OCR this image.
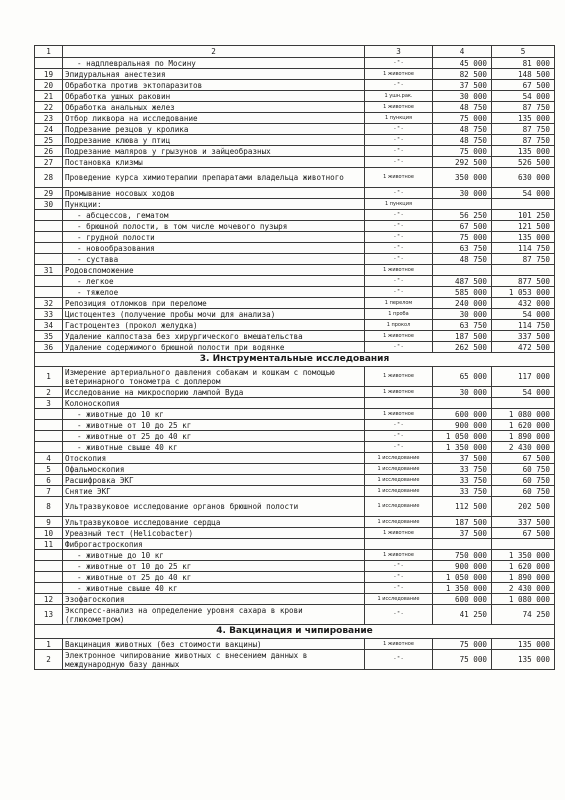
1	2	3	4	5
	- надплевральная по Мосину	- " -	45 000	81 000
19	Эпидуральная анестезия	1 животное	82 500	148 500
20	Обработка против эктопаразитов	- " -	37 500	67 500
21	Обработка ушных раковин	1 ушн.рак.	30 000	54 000
22	Обработка анальных желез	1 животное	48 750	87 750
23	Отбор ликвора на исследование	1 пункция	75 000	135 000
24	Подрезание резцов у кролика	- " -	48 750	87 750
25	Подрезание клюва у птиц	- " -	48 750	87 750
26	Подрезание маляров у грызунов и зайцеобразных	- " -	75 000	135 000
27	Постановка клизмы	- " -	292 500	526 500
28	Проведение курса химиотерапии препаратами владельца животного	1 животное	350 000	630 000
29	Промывание носовых ходов	- " -	30 000	54 000
30	Пункции:	1 пункция		
	- абсцессов, гематом	- " -	56 250	101 250
	- брюшной полости, в том числе мочевого пузыря	- " -	67 500	121 500
	- грудной полости	- " -	75 000	135 000
	- новообразования	- " -	63 750	114 750
	- сустава	- " -	48 750	87 750
31	Родовспоможение	1 животное		
	- легкое	- " -	487 500	877 500
	- тяжелое	- " -	585 000	1 053 000
32	Репозиция отломков при переломе	1 перелом	240 000	432 000
33	Цистоцентез (получение пробы мочи для анализа)	1 проба	30 000	54 000
34	Гастроцентез (прокол желудка)	1 прокол	63 750	114 750
35	Удаление калпостаза без хирургического вмешательства	1 животное	187 500	337 500
36	Удаление содержимого брюшной полости при водянке	- " -	262 500	472 500
3. Инструментальные исследования				
1	Измерение артериального давления собакам и кошкам с помощью ветеринарного тонометра с доплером	1 животное	65 000	117 000
2	Исследование на микроспорию лампой Вуда	1 животное	30 000	54 000
3	Колоноскопия			
	- животные до 10 кг	1 животное	600 000	1 080 000
	- животные от 10 до 25 кг	- " -	900 000	1 620 000
	- животные от 25 до 40 кг	- " -	1 050 000	1 890 000
	- животные свыше 40 кг	- " -	1 350 000	2 430 000
4	Отоскопия	1 исследование	37 500	67 500
5	Офальмоскопия	1 исследование	33 750	60 750
6	Расшифровка ЭКГ	1 исследование	33 750	60 750
7	Снятие ЭКГ	1 исследование	33 750	60 750
8	Ультразвуковое исследование органов брюшной полости	1 исследование	112 500	202 500
9	Ультразвуковое исследование сердца	1 исследование	187 500	337 500
10	Уреазный тест (Helicobacter)	1 животное	37 500	67 500
11	Фиброгастроскопия			
	- животные до 10 кг	1 животное	750 000	1 350 000
	- животные от 10 до 25 кг	- " -	900 000	1 620 000
	- животные от 25 до 40 кг	- " -	1 050 000	1 890 000
	- животные свыше 40 кг	- " -	1 350 000	2 430 000
12	Эзофагоскопия	1 исследование	600 000	1 080 000
13	Экспресс-анализ на определение уровня сахара в крови (глюкометром)	- " -	41 250	74 250
4. Вакцинация и чипирование				
1	Вакцинация животных (без стоимости вакцины)	1 животное	75 000	135 000
2	Электронное чипирование животных с внесением данных в международную базу данных	- " -	75 000	135 000
